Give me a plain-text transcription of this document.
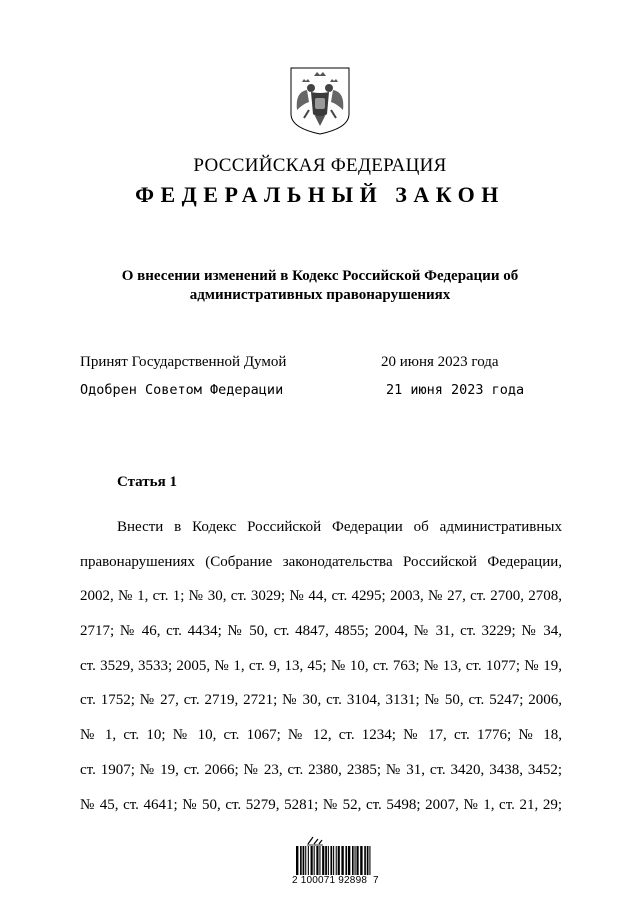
РОССИЙСКАЯ ФЕДЕРАЦИЯ
ФЕДЕРАЛЬНЫЙ ЗАКОН
О внесении изменений в Кодекс Российской Федерации об
административных правонарушениях
Принят Государственной Думой	20 июня 2023 года
Одобрен Советом Федерации	21 июня 2023 года
Статья 1
Внести в Кодекс Российской Федерации об административных
правонарушениях (Собрание законодательства Российской Федерации,
2002, № 1, ст. 1; № 30, ст. 3029; № 44, ст. 4295; 2003, № 27, ст. 2700, 2708,
2717; № 46, ст. 4434; № 50, ст. 4847, 4855; 2004, № 31, ст. 3229; № 34,
ст. 3529, 3533; 2005, № 1, ст. 9, 13, 45; № 10, ст. 763; № 13, ст. 1077; № 19,
ст. 1752; № 27, ст. 2719, 2721; № 30, ст. 3104, 3131; № 50, ст. 5247; 2006,
№ 1, ст. 10; № 10, ст. 1067; № 12, ст. 1234; № 17, ст. 1776; № 18,
ст. 1907; № 19, ст. 2066; № 23, ст. 2380, 2385; № 31, ст. 3420, 3438, 3452;
№ 45, ст. 4641; № 50, ст. 5279, 5281; № 52, ст. 5498; 2007, № 1, ст. 21, 29;
2 100071 92898  7
